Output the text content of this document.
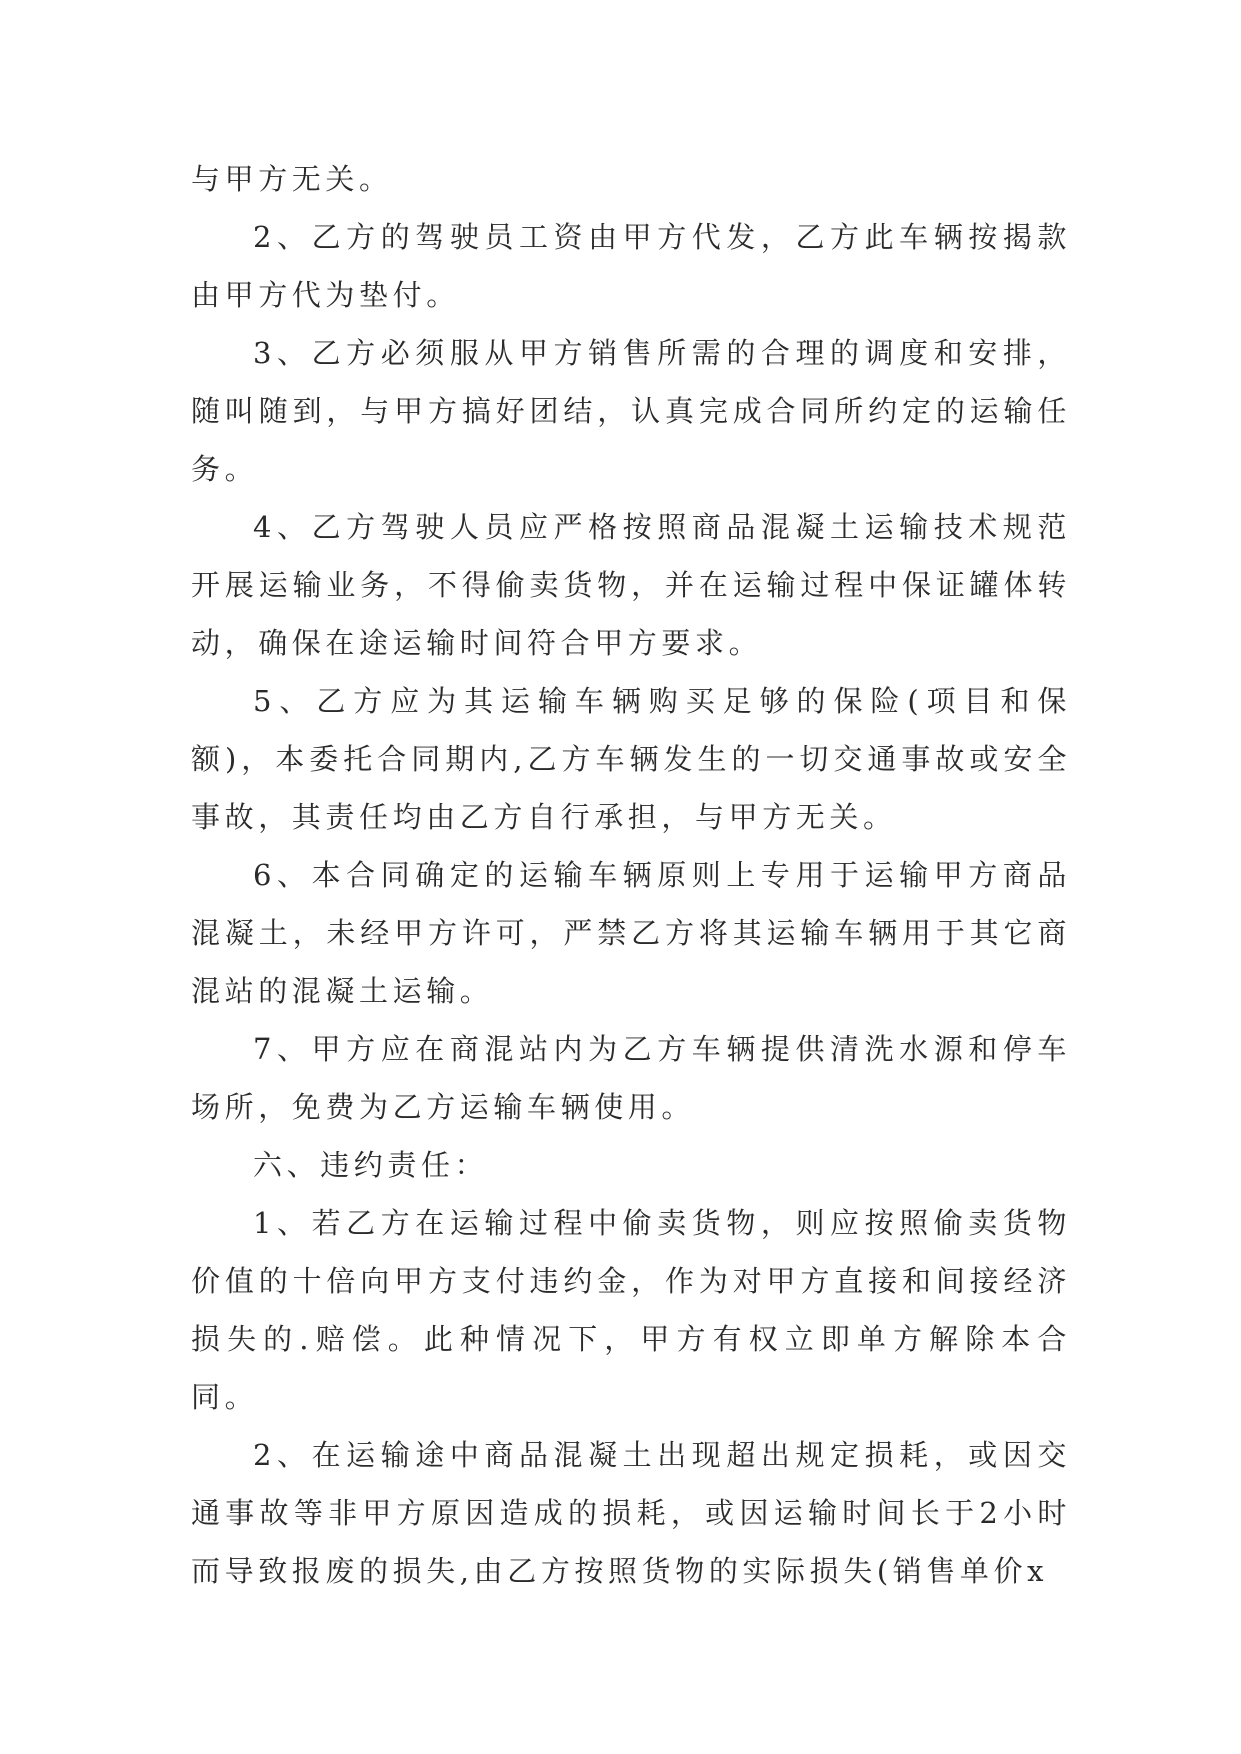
与甲方无关。

2、乙方的驾驶员工资由甲方代发，乙方此车辆按揭款由甲方代为垫付。

3、乙方必须服从甲方销售所需的合理的调度和安排，随叫随到，与甲方搞好团结，认真完成合同所约定的运输任务。

4、乙方驾驶人员应严格按照商品混凝土运输技术规范开展运输业务，不得偷卖货物，并在运输过程中保证罐体转动，确保在途运输时间符合甲方要求。

5、乙方应为其运输车辆购买足够的保险(项目和保额)，本委托合同期内,乙方车辆发生的一切交通事故或安全事故，其责任均由乙方自行承担，与甲方无关。

6、本合同确定的运输车辆原则上专用于运输甲方商品混凝土，未经甲方许可，严禁乙方将其运输车辆用于其它商混站的混凝土运输。

7、甲方应在商混站内为乙方车辆提供清洗水源和停车场所，免费为乙方运输车辆使用。

六、违约责任：

1、若乙方在运输过程中偷卖货物，则应按照偷卖货物价值的十倍向甲方支付违约金，作为对甲方直接和间接经济损失的.赔偿。此种情况下，甲方有权立即单方解除本合同。

2、在运输途中商品混凝土出现超出规定损耗，或因交通事故等非甲方原因造成的损耗，或因运输时间长于2小时而导致报废的损失,由乙方按照货物的实际损失(销售单价x
